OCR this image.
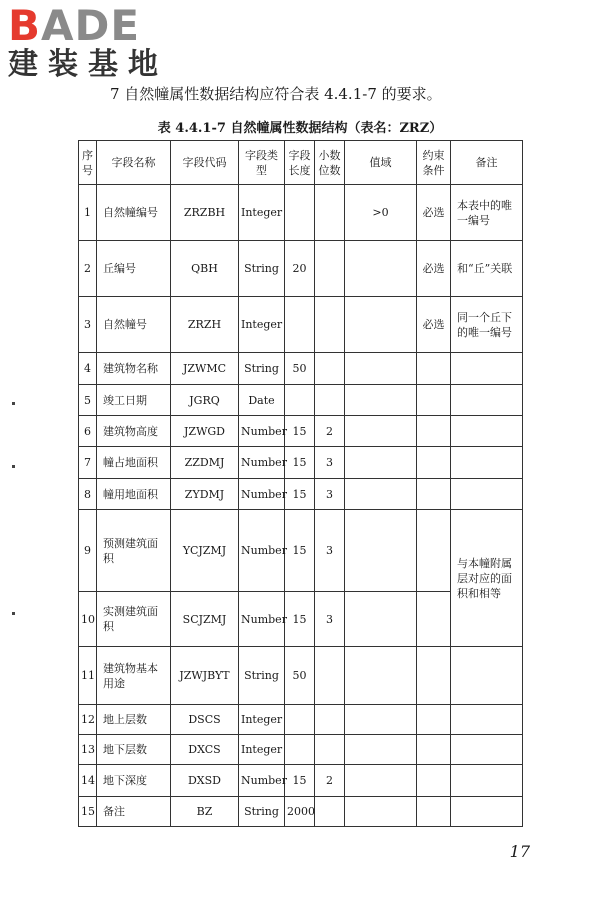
BADE
建装基地
7 自然幢属性数据结构应符合表 4.4.1-7 的要求。
表 4.4.1-7 自然幢属性数据结构（表名：ZRZ）
序号	字段名称	字段代码	字段类型	字段长度	小数位数	值域	约束条件	备注
1	自然幢编号	ZRZBH	Integer			>0	必选	本表中的唯一编号
2	丘编号	QBH	String	20			必选	和“丘”关联
3	自然幢号	ZRZH	Integer				必选	同一个丘下的唯一编号
4	建筑物名称	JZWMC	String	50				
5	竣工日期	JGRQ	Date					
6	建筑物高度	JZWGD	Number	15	2			
7	幢占地面积	ZZDMJ	Number	15	3			
8	幢用地面积	ZYDMJ	Number	15	3			
9	预测建筑面积	YCJZMJ	Number	15	3			与本幢附属层对应的面积和相等
10	实测建筑面积	SCJZMJ	Number	15	3			
11	建筑物基本用途	JZWJBYT	String	50				
12	地上层数	DSCS	Integer					
13	地下层数	DXCS	Integer					
14	地下深度	DXSD	Number	15	2			
15	备注	BZ	String	2000				
17
